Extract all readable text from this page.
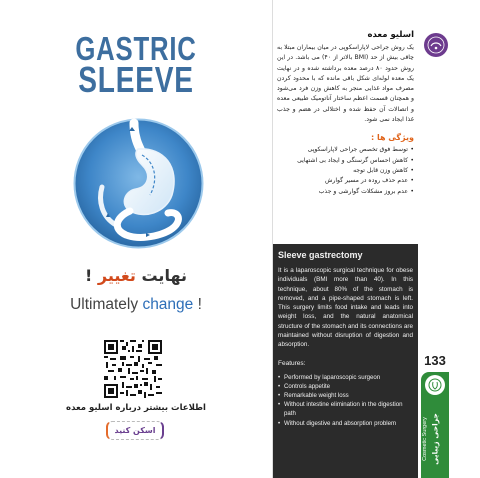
GASTRIC
SLEEVE
نهایت تغییر !
Ultimately change !
اطلاعات بیشتر درباره اسلیو معده
اسکن کنید
اسلیو معده
یک روش جراحی لاپاراسکوپی در میان بیماران مبتلا به چاقی بیش از حد (BMI بالاتر از ۴۰) می باشد. در این روش حدود ۸۰ درصد معده برداشته شده و در نهایت یک معده لوله‌ای شکل باقی مانده که با محدود کردن مصرف مواد غذایی منجر به کاهش وزن فرد می‌شود و همچنان قسمت اعظم ساختار آناتومیک طبیعی معده و اتصالات آن حفظ شده و اختلالی در هضم و جذب غذا ایجاد نمی شود.
ویژگی ها :
• توسط فوق تخصص جراحی لاپاراسکوپی
• کاهش احساس گرسنگی و ایجاد بی اشتهایی
• کاهش وزن قابل توجه
• عدم حذف روده در مسیر گوارش
• عدم بروز مشکلات گوارشی و جذب
Sleeve gastrectomy
It is a laparoscopic surgical technique for obese individuals (BMI more than 40). In this technique, about 80% of the stomach is removed, and a pipe-shaped stomach is left. This surgery limits food intake and leads into weight loss, and the natural anatomical structure of the stomach and its connections are maintained without disruption of digestion and absorption.
Features:
• Performed by laparoscopic surgeon
• Controls appetite
• Remarkable weight loss
• Without intestine elimination in the digestion path
• Without digestive and absorption problem
133
جراحی زیبایی
Cosmetic Surgery
